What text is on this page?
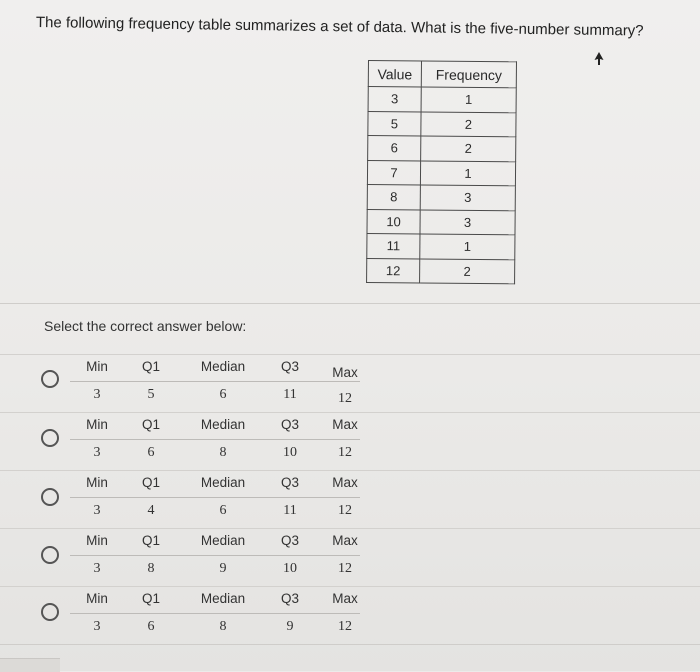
The following frequency table summarizes a set of data. What is the five-number summary?
Value	Frequency
3	1
5	2
6	2
7	1
8	3
10	3
11	1
12	2
Select the correct answer below:
Min	Q1	Median	Q3	Max
3	5	6	11	12
Min	Q1	Median	Q3	Max
3	6	8	10	12
Min	Q1	Median	Q3	Max
3	4	6	11	12
Min	Q1	Median	Q3	Max
3	8	9	10	12
Min	Q1	Median	Q3	Max
3	6	8	9	12
